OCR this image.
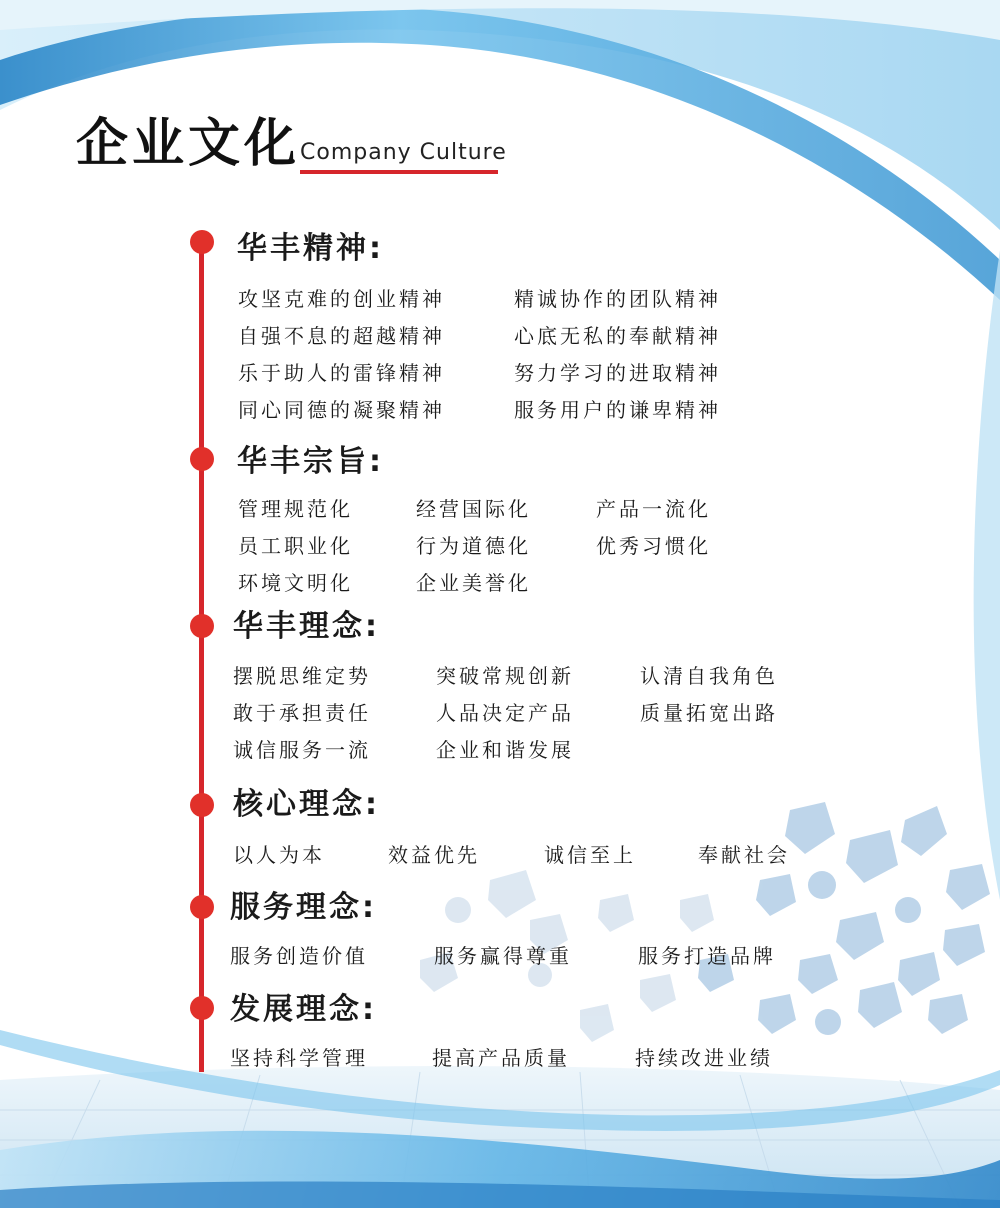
企业文化 Company Culture
华丰精神:
攻坚克难的创业精神	精诚协作的团队精神
自强不息的超越精神	心底无私的奉献精神
乐于助人的雷锋精神	努力学习的进取精神
同心同德的凝聚精神	服务用户的谦卑精神
华丰宗旨:
管理规范化	经营国际化	产品一流化
员工职业化	行为道德化	优秀习惯化
环境文明化	企业美誉化
华丰理念:
摆脱思维定势	突破常规创新	认清自我角色
敢于承担责任	人品决定产品	质量拓宽出路
诚信服务一流	企业和谐发展
核心理念:
以人为本	效益优先	诚信至上	奉献社会
服务理念:
服务创造价值	服务赢得尊重	服务打造品牌
发展理念:
坚持科学管理	提高产品质量	持续改进业绩
